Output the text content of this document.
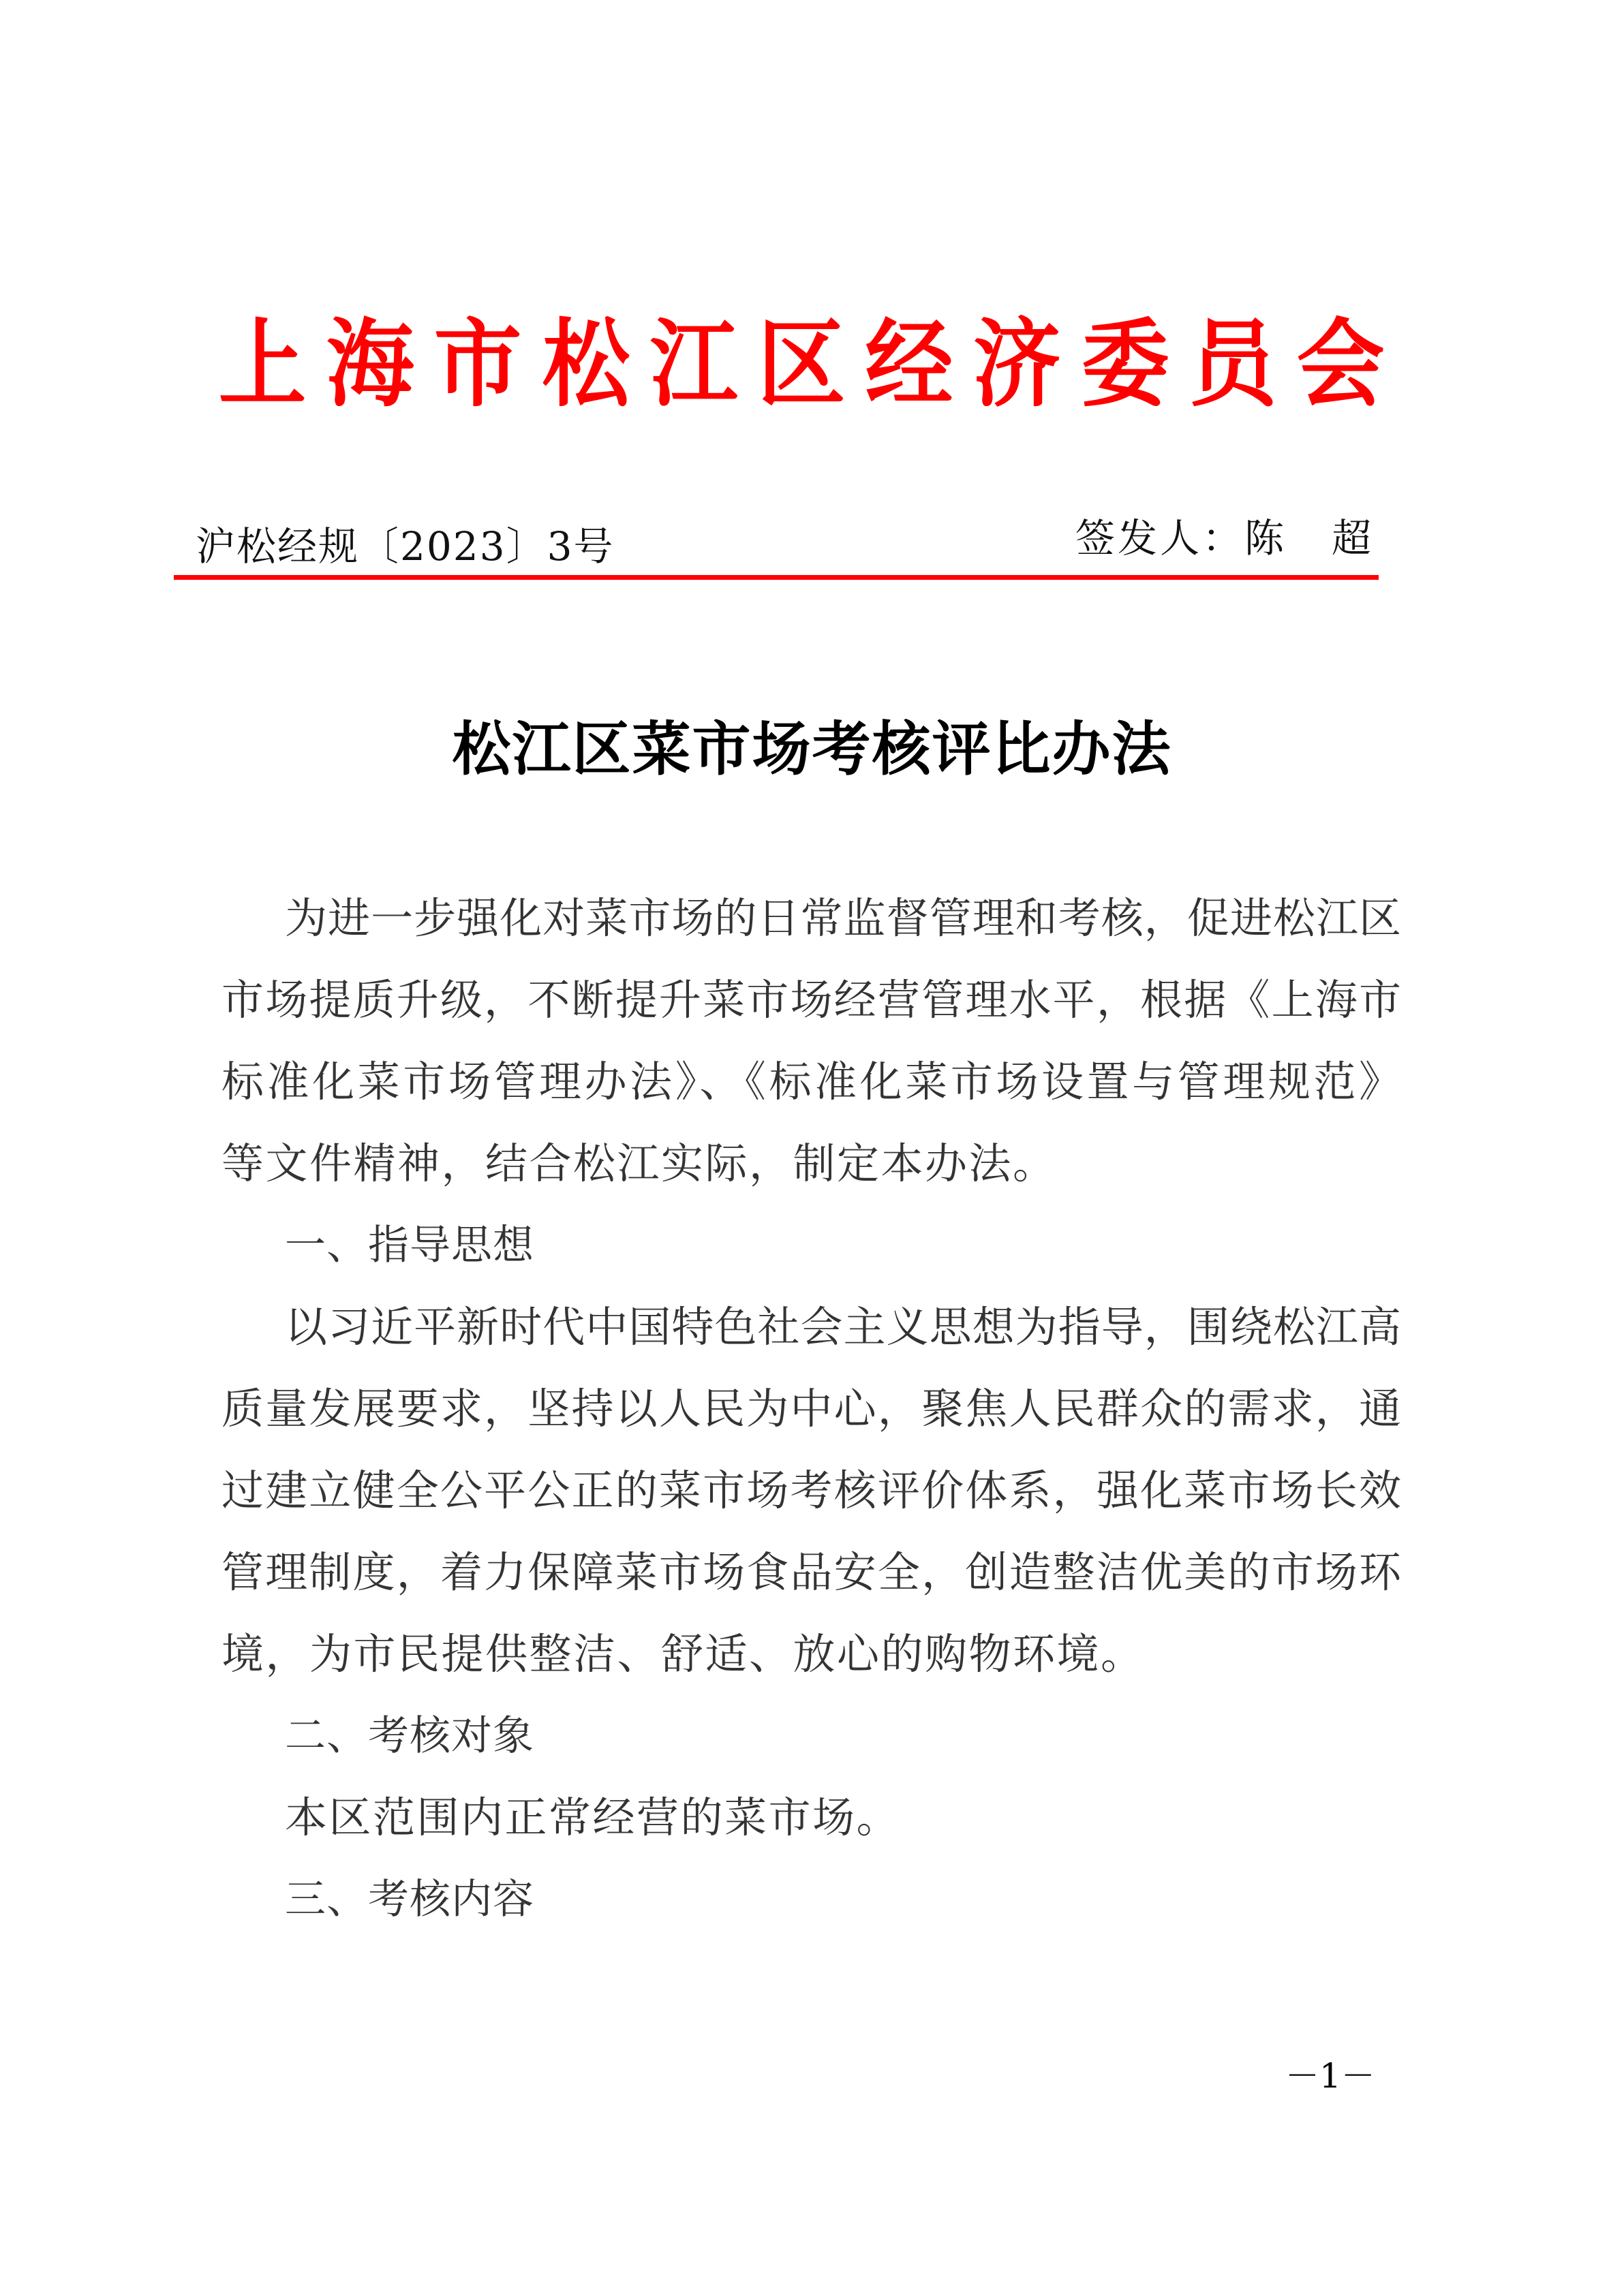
上 海 市 松 江 区 经 济 委 员 会
沪松经规〔2023〕3号	签发人：陈 超
松江区菜市场考核评比办法
为进一步强化对菜市场的日常监督管理和考核，促进松江区
市场提质升级，不断提升菜市场经营管理水平，根据《上海市
标准化菜市场管理办法》、《标准化菜市场设置与管理规范》
等文件精神，结合松江实际，制定本办法。
一、指导思想
以习近平新时代中国特色社会主义思想为指导，围绕松江高
质量发展要求，坚持以人民为中心，聚焦人民群众的需求，通
过建立健全公平公正的菜市场考核评价体系，强化菜市场长效
管理制度，着力保障菜市场食品安全，创造整洁优美的市场环
境，为市民提供整洁、舒适、放心的购物环境。
二、考核对象
本区范围内正常经营的菜市场。
三、考核内容
－1－
